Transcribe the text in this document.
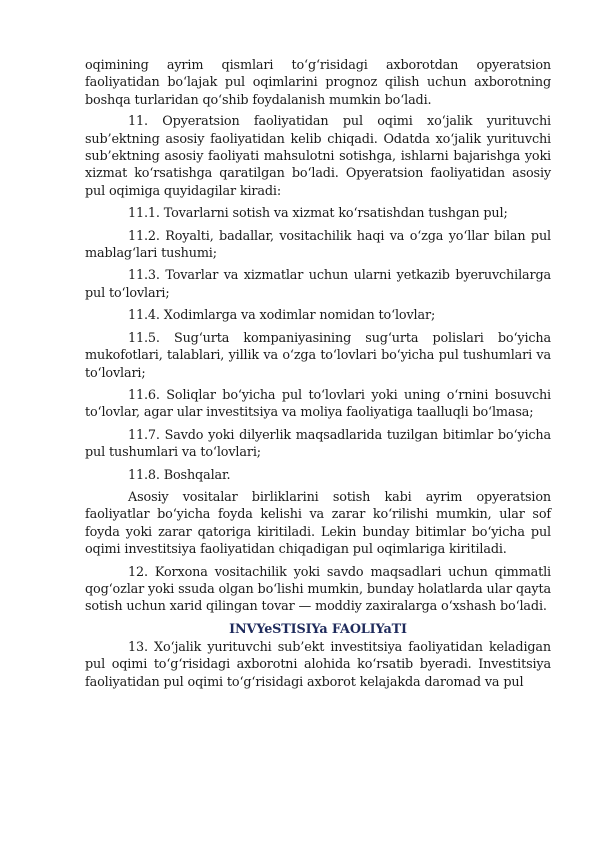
oqimining ayrim qismlari to‘g‘risidagi axborotdan opyeratsion faoliyatidan bo‘lajak pul oqimlarini prognoz qilish uchun axborotning boshqa turlaridan qo‘shib foydalanish mumkin bo‘ladi.

11. Opyeratsion faoliyatidan pul oqimi xo‘jalik yurituvchi sub’ektning asosiy faoliyatidan kelib chiqadi. Odatda xo‘jalik yurituvchi sub’ektning asosiy faoliyati mahsulotni sotishga, ishlarni bajarishga yoki xizmat ko‘rsatishga qaratilgan bo‘ladi. Opyeratsion faoliyatidan asosiy pul oqimiga quyidagilar kiradi:

11.1. Tovarlarni sotish va xizmat ko‘rsatishdan tushgan pul;

11.2. Royalti, badallar, vositachilik haqi va o‘zga yo‘llar bilan pul mablag‘lari tushumi;

11.3. Tovarlar va xizmatlar uchun ularni yetkazib byeruvchilarga pul to‘lovlari;

11.4. Xodimlarga va xodimlar nomidan to‘lovlar;

11.5. Sug‘urta kompaniyasining sug‘urta polislari bo‘yicha mukofotlari, talablari, yillik va o‘zga to‘lovlari bo‘yicha pul tushumlari va to‘lovlari;

11.6. Soliqlar bo‘yicha pul to‘lovlari yoki uning o‘rnini bosuvchi to‘lovlar, agar ular investitsiya va moliya faoliyatiga taalluqli bo‘lmasa;

11.7. Savdo yoki dilyerlik maqsadlarida tuzilgan bitimlar bo‘yicha pul tushumlari va to‘lovlari;

11.8. Boshqalar.

Asosiy vositalar birliklarini sotish kabi ayrim opyeratsion faoliyatlar bo‘yicha foyda kelishi va zarar ko‘rilishi mumkin, ular sof foyda yoki zarar qatoriga kiritiladi. Lekin bunday bitimlar bo‘yicha pul oqimi investitsiya faoliyatidan chiqadigan pul oqimlariga kiritiladi.

12. Korxona vositachilik yoki savdo maqsadlari uchun qimmatli qog‘ozlar yoki ssuda olgan bo‘lishi mumkin, bunday holatlarda ular qayta sotish uchun xarid qilingan tovar — moddiy zaxiralarga o‘xshash bo‘ladi.

INVYeSTISIYa FAOLIYaTI

13. Xo‘jalik yurituvchi sub’ekt investitsiya faoliyatidan keladigan pul oqimi to‘g‘risidagi axborotni alohida ko‘rsatib byeradi. Investitsiya faoliyatidan pul oqimi to‘g‘risidagi axborot kelajakda daromad va pul
